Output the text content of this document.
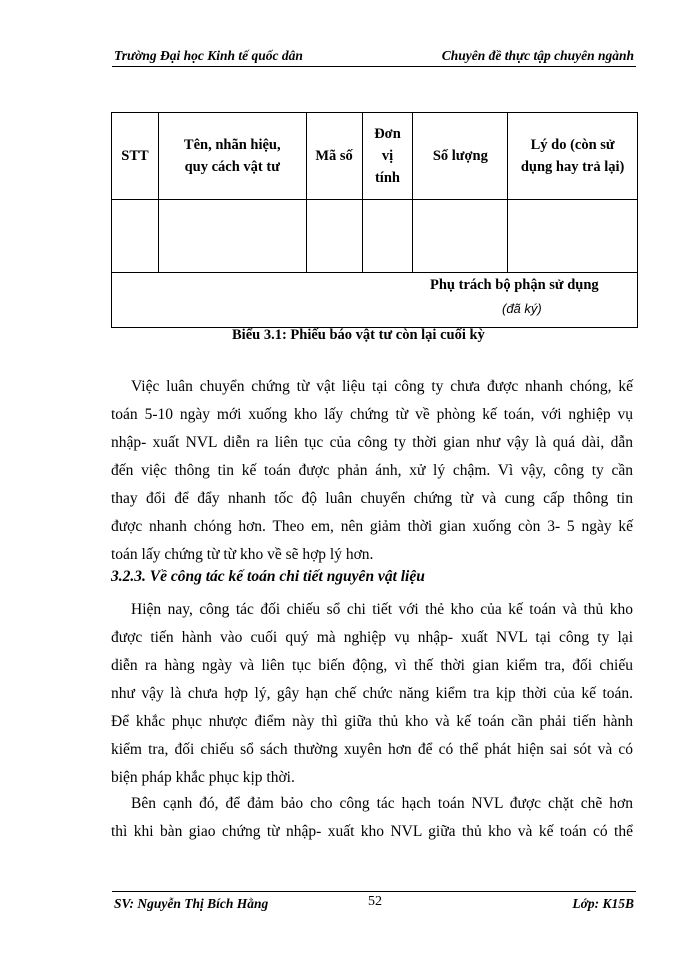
Trường Đại học Kinh tế quốc dân	Chuyên đề thực tập chuyên ngành
STT	Tên, nhãn hiệu, quy cách vật tư	Mã số	Đơn vị tính	Số lượng	Lý do (còn sử dụng hay trả lại)

Phụ trách bộ phận sử dụng
(đã ký)					
Biểu 3.1: Phiếu báo vật tư còn lại cuối kỳ
Việc luân chuyển chứng từ vật liệu tại công ty chưa được nhanh chóng, kế
toán 5-10 ngày mới xuống kho lấy chứng từ về phòng kế toán, với nghiệp vụ
nhập- xuất NVL diễn ra liên tục của công ty thời gian như vậy là quá dài, dẫn
đến việc thông tin kế toán được phản ánh, xử lý chậm. Vì vậy, công ty cần
thay đổi để đẩy nhanh tốc độ luân chuyển chứng từ và cung cấp thông tin
được nhanh chóng hơn. Theo em, nên giảm thời gian xuống còn 3- 5 ngày kế
toán lấy chứng từ từ kho về sẽ hợp lý hơn.
3.2.3. Về công tác kế toán chi tiết nguyên vật liệu
Hiện nay, công tác đối chiếu sổ chi tiết với thẻ kho của kế toán và thủ kho
được tiến hành vào cuối quý mà nghiệp vụ nhập- xuất NVL tại công ty lại
diễn ra hàng ngày và liên tục biến động, vì thế thời gian kiểm tra, đối chiếu
như vậy là chưa hợp lý, gây hạn chế chức năng kiểm tra kịp thời của kế toán.
Để khắc phục nhược điểm này thì giữa thủ kho và kế toán cần phải tiến hành
kiểm tra, đối chiếu sổ sách thường xuyên hơn để có thể phát hiện sai sót và có
biện pháp khắc phục kịp thời.
Bên cạnh đó, để đảm bảo cho công tác hạch toán NVL được chặt chẽ hơn
thì khi bàn giao chứng từ nhập- xuất kho NVL giữa thủ kho và kế toán có thể
SV: Nguyễn Thị Bích Hằng	52	Lớp: K15B
